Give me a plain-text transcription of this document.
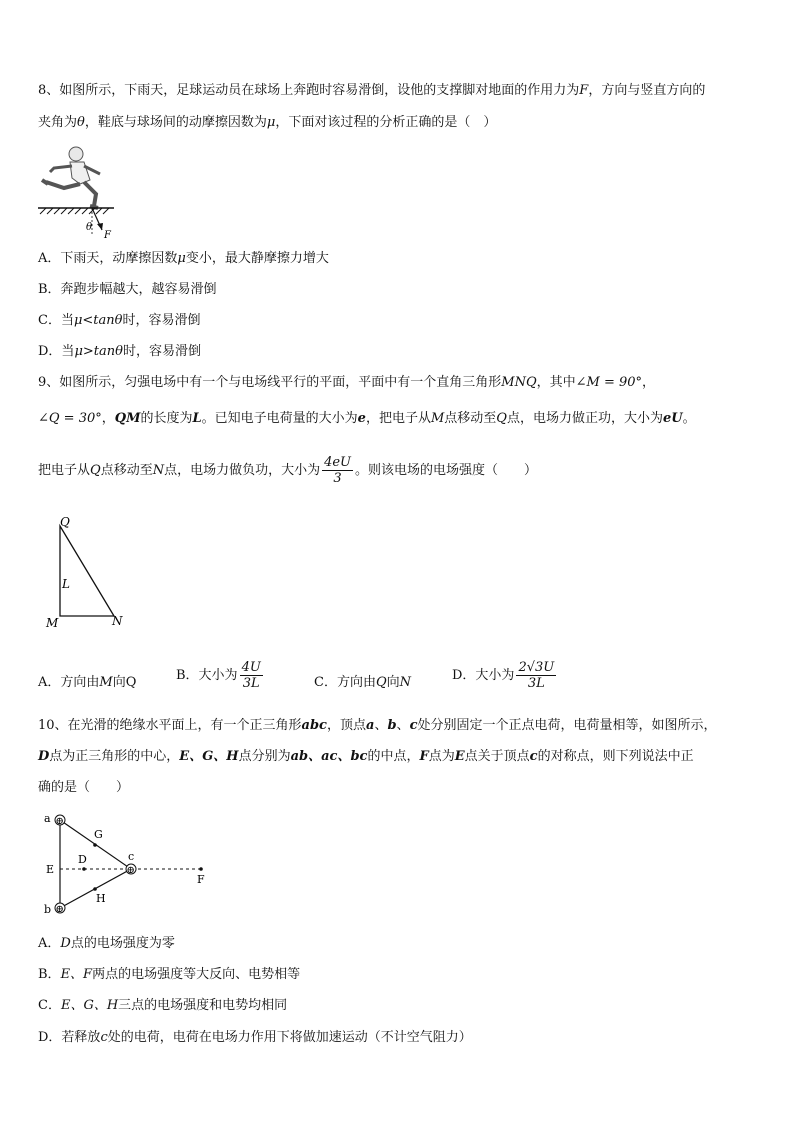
8、如图所示，下雨天，足球运动员在球场上奔跑时容易滑倒，设他的支撑脚对地面的作用力为F，方向与竖直方向的
夹角为θ，鞋底与球场间的动摩擦因数为μ，下面对该过程的分析正确的是（　）
θ
F
A．下雨天，动摩擦因数μ变小，最大静摩擦力增大
B．奔跑步幅越大，越容易滑倒
C．当μ<tanθ时，容易滑倒
D．当μ>tanθ时，容易滑倒
9、如图所示，匀强电场中有一个与电场线平行的平面，平面中有一个直角三角形MNQ，其中∠M = 90°，
∠Q = 30°，QM的长度为L。已知电子电荷量的大小为e，把电子从M点移动至Q点，电场力做正功，大小为eU。
把电子从Q点移动至N点，电场力做负功，大小为 $\frac{4eU}{3}$ 。则该电场的电场强度（　　）
Q
L
M	N
A．方向由M向Q	B．大小为 $\frac{4U}{3L}$	C．方向由Q向N	D．大小为 $\frac{2√3U}{3L}$
10、在光滑的绝缘水平面上，有一个正三角形abc，顶点a、b、c处分别固定一个正点电荷，电荷量相等，如图所示，
D点为正三角形的中心，E、G、H点分别为ab、ac、bc的中点，F点为E点关于顶点c的对称点，则下列说法中正
确的是（　　）
⊕
⊕
⊕
a
b
c
D
E
F
G
H
A．D点的电场强度为零
B．E、F两点的电场强度等大反向、电势相等
C．E、G、H三点的电场强度和电势均相同
D．若释放c处的电荷，电荷在电场力作用下将做加速运动（不计空气阻力）
